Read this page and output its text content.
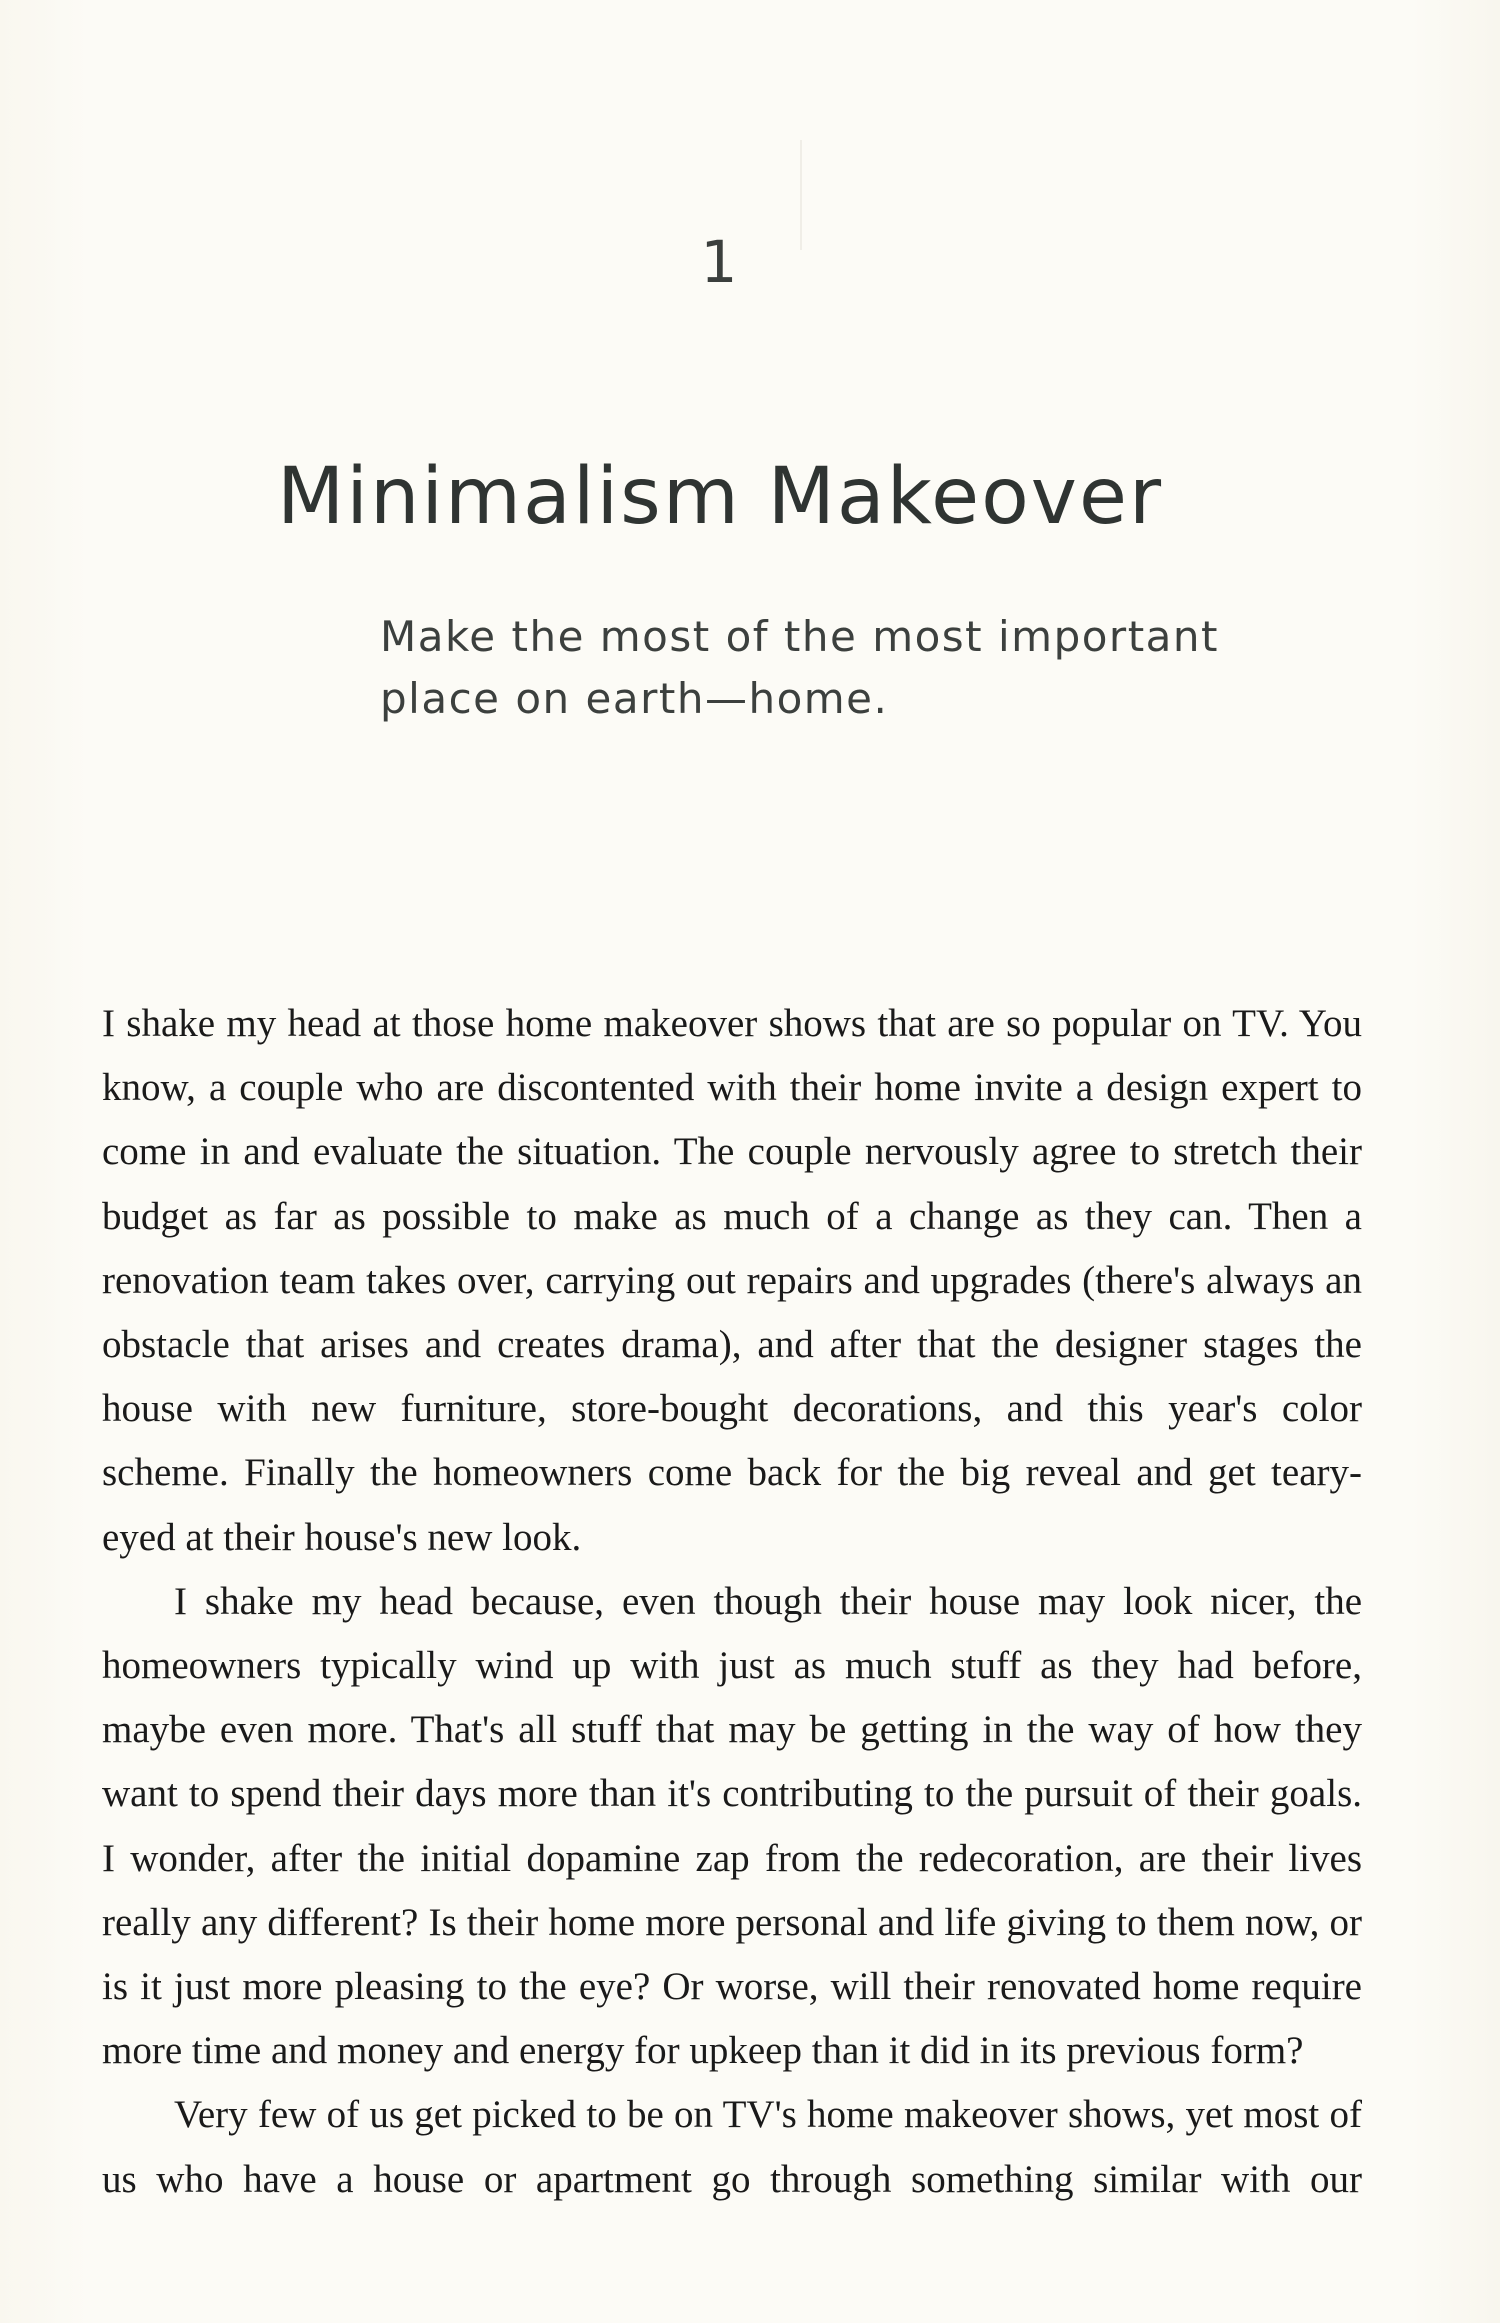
1
Minimalism Makeover
Make the most of the most important
place on earth—home.

I shake my head at those home makeover shows that are so popular on TV. You know, a couple who are discontented with their home invite a design expert to come in and evaluate the situation. The couple nervously agree to stretch their budget as far as possible to make as much of a change as they can. Then a renovation team takes over, carrying out repairs and upgrades (there's always an obstacle that arises and creates drama), and after that the designer stages the house with new furniture, store-bought decorations, and this year's color scheme. Finally the homeowners come back for the big reveal and get teary-eyed at their house's new look.

I shake my head because, even though their house may look nicer, the homeowners typically wind up with just as much stuff as they had before, maybe even more. That's all stuff that may be getting in the way of how they want to spend their days more than it's contributing to the pursuit of their goals. I wonder, after the initial dopamine zap from the redecoration, are their lives really any different? Is their home more personal and life giving to them now, or is it just more pleasing to the eye? Or worse, will their renovated home require more time and money and energy for upkeep than it did in its previous form?

Very few of us get picked to be on TV's home makeover shows, yet most of us who have a house or apartment go through something similar with our
